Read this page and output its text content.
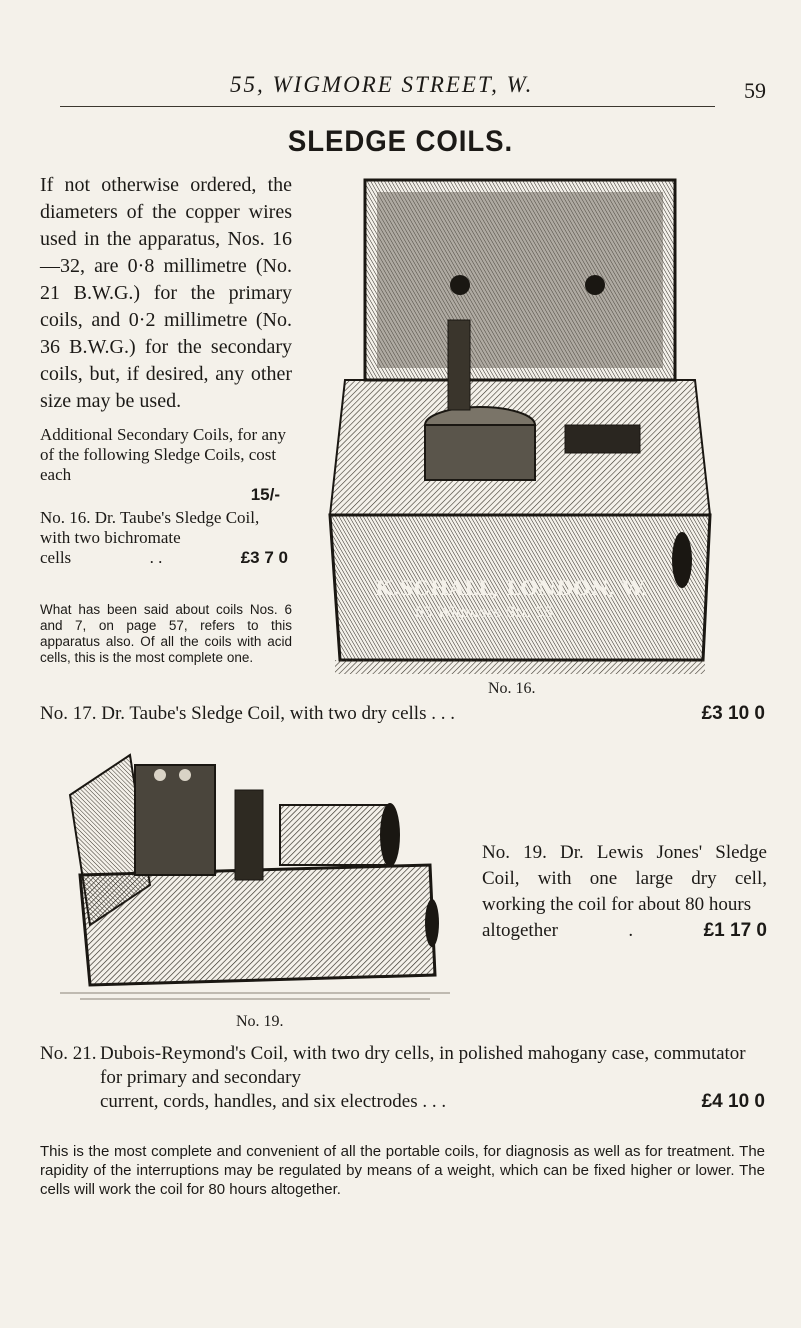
55, WIGMORE STREET, W.	59
SLEDGE COILS.
If not otherwise ordered, the diameters of the copper wires used in the apparatus, Nos. 16—32, are 0·8 millimetre (No. 21 B.W.G.) for the primary coils, and 0·2 millimetre (No. 36 B.W.G.) for the secondary coils, but, if desired, any other size may be used.
Additional Secondary Coils, for any of the following Sledge Coils, cost each
15/-
No. 16. Dr. Taube's Sledge Coil, with two bichromate
cells	. .	£3 7 0
What has been said about coils Nos. 6 and 7, on page 57, refers to this apparatus also. Of all the coils with acid cells, this is the most complete one.
K.SCHALL, LONDON, W.
55 Wigmore Str. 55
No. 16.
No. 17. Dr. Taube's Sledge Coil, with two dry cells . . .	£3 10 0
No. 19.
No. 19. Dr. Lewis Jones' Sledge Coil, with one large dry cell, working the coil for about 80 hours
altogether	.	£1 17 0
No. 21. Dubois-Reymond's Coil, with two dry cells, in polished mahogany case, commutator for primary and secondary
current, cords, handles, and six electrodes . . .	£4 10 0
This is the most complete and convenient of all the portable coils, for diagnosis as well as for treatment. The rapidity of the interruptions may be regulated by means of a weight, which can be fixed higher or lower. The cells will work the coil for 80 hours altogether.
